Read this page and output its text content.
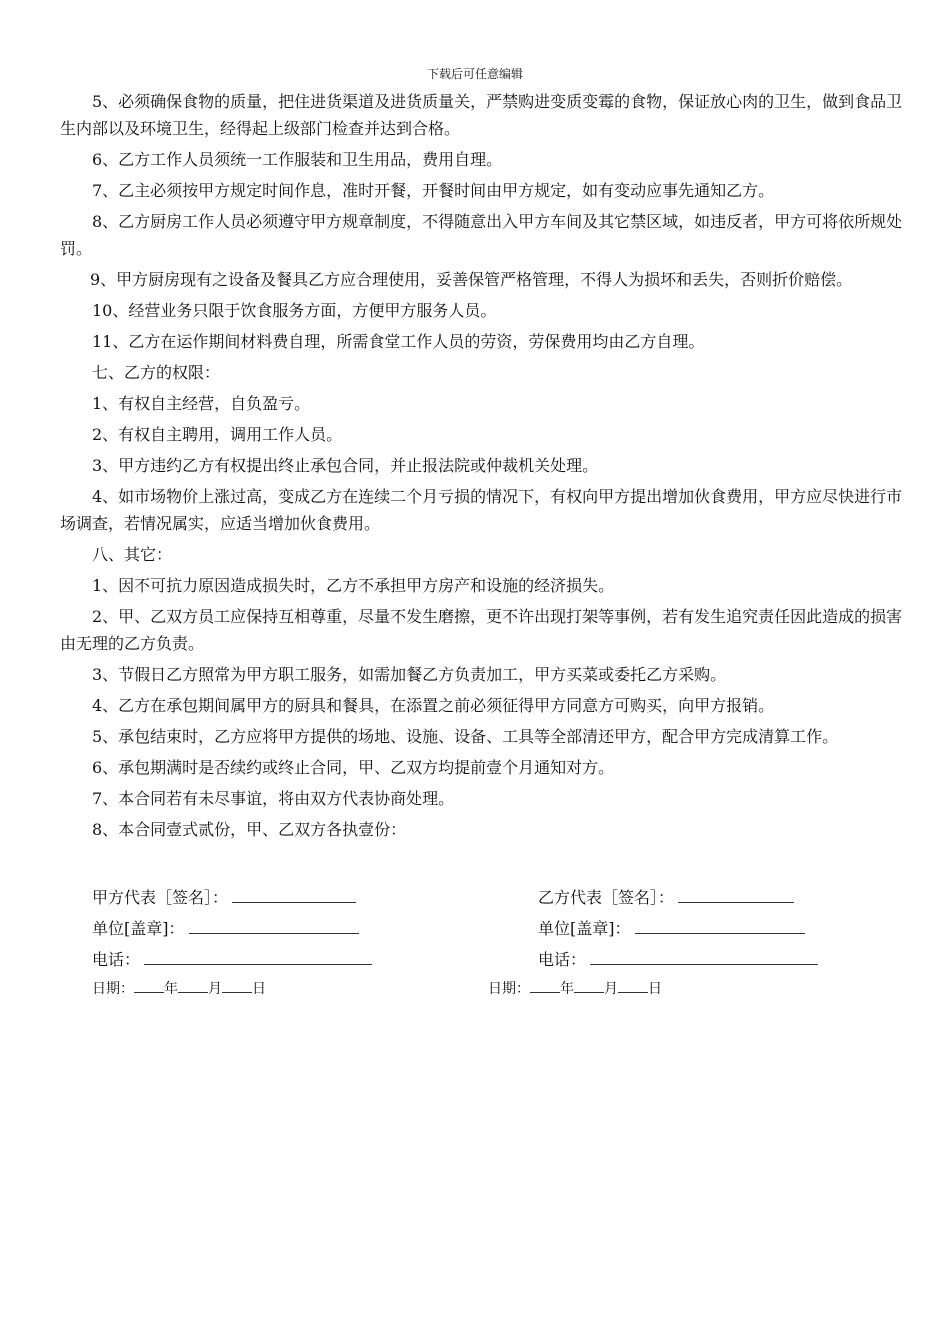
下载后可任意编辑

5、必须确保食物的质量，把住进货渠道及进货质量关，严禁购进变质变霉的食物，保证放心肉的卫生，做到食品卫生内部以及环境卫生，经得起上级部门检查并达到合格。

6、乙方工作人员须统一工作服装和卫生用品，费用自理。

7、乙主必须按甲方规定时间作息，准时开餐，开餐时间由甲方规定，如有变动应事先通知乙方。

8、乙方厨房工作人员必须遵守甲方规章制度，不得随意出入甲方车间及其它禁区域，如违反者，甲方可将依所规处罚。

9、甲方厨房现有之设备及餐具乙方应合理使用，妥善保管严格管理，不得人为损坏和丢失，否则折价赔偿。

10、经营业务只限于饮食服务方面，方便甲方服务人员。

11、乙方在运作期间材料费自理，所需食堂工作人员的劳资，劳保费用均由乙方自理。

七、乙方的权限：

1、有权自主经营，自负盈亏。

2、有权自主聘用，调用工作人员。

3、甲方违约乙方有权提出终止承包合同，并止报法院或仲裁机关处理。

4、如市场物价上涨过高，变成乙方在连续二个月亏损的情况下，有权向甲方提出增加伙食费用，甲方应尽快进行市场调查，若情况属实，应适当增加伙食费用。

八、其它：

1、因不可抗力原因造成损失时，乙方不承担甲方房产和设施的经济损失。

2、甲、乙双方员工应保持互相尊重，尽量不发生磨擦，更不许出现打架等事例，若有发生追究责任因此造成的损害由无理的乙方负责。

3、节假日乙方照常为甲方职工服务，如需加餐乙方负责加工，甲方买菜或委托乙方采购。

4、乙方在承包期间属甲方的厨具和餐具，在添置之前必须征得甲方同意方可购买，向甲方报销。

5、承包结束时，乙方应将甲方提供的场地、设施、设备、工具等全部清还甲方，配合甲方完成清算工作。

6、承包期满时是否续约或终止合同，甲、乙双方均提前壹个月通知对方。

7、本合同若有未尽事谊，将由双方代表协商处理。

8、本合同壹式贰份，甲、乙双方各执壹份：

甲方代表［签名］：
单位[盖章]：
电话：
日期： 年 月 日
乙方代表［签名］：
单位[盖章]：
电话：
日期： 年 月 日
